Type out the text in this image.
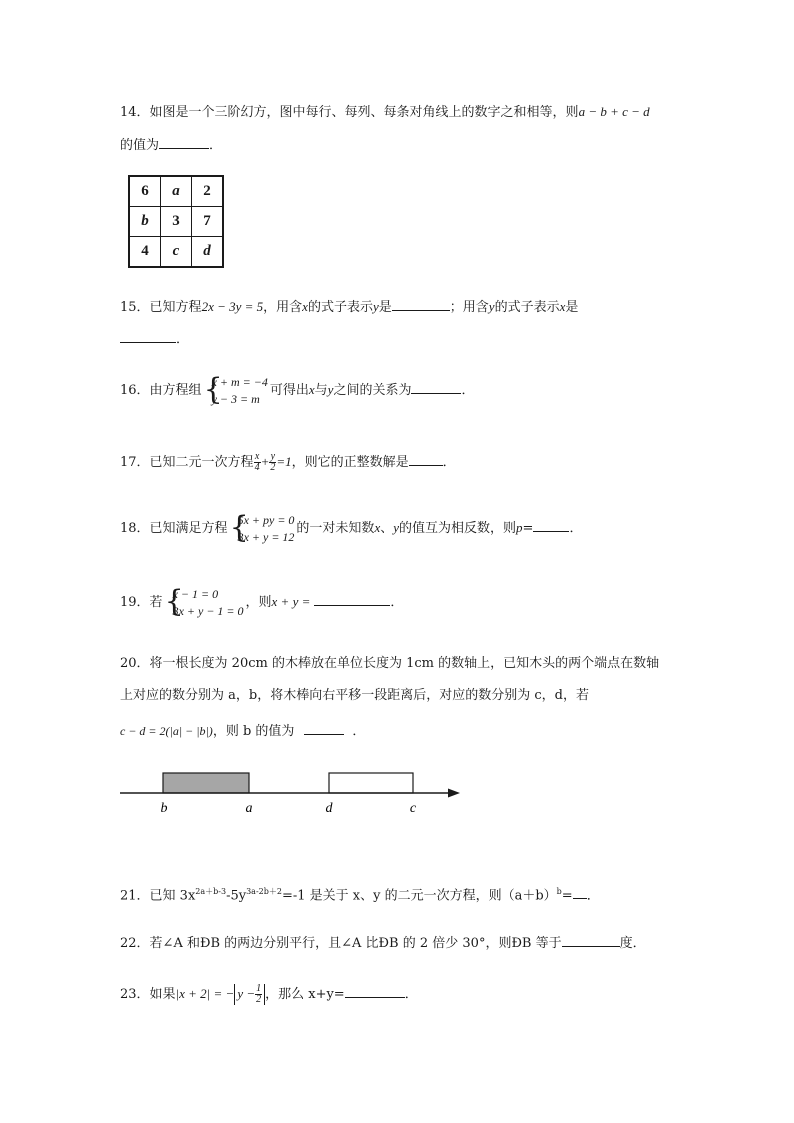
14．如图是一个三阶幻方，图中每行、每列、每条对角线上的数字之和相等，则a − b + c − d
的值为	．
6	a	2
b	3	7
4	c	d
15．已知方程2x − 3y = 5，用含x的式子表示y是	；用含y的式子表示x是
．
16．由方程组 {
x + m = −4
y − 3 = m
可得出x与y之间的关系为	．
17．已知二元一次方程 $\frac{x}{4} + \frac{y}{2} =1$，则它的正整数解是	．
18．已知满足方程 {
5x + py = 0
3x + y = 12
的一对未知数x、y的值互为相反数，则p=	．
19．若 {
x − 1 = 0
3x + y − 1 = 0
，则x + y =	．
20．将一根长度为 20cm 的木棒放在单位长度为 1cm 的数轴上，已知木头的两个端点在数轴
上对应的数分别为 a，b，将木棒向右平移一段距离后，对应的数分别为 c，d，若
c − d = 2(|a| − |b|)，则 b 的值为	．
b	a	d	c
21．已知 $3x^{2a+b-3}-5y^{3a-2b+2}=-1$ 是关于 x、y 的二元一次方程，则$(a+b)^b=$ ．
22．若∠A 和ÐB 的两边分别平行，且∠A 比ÐB 的 2 倍少 30°，则ÐB 等于	度．
23．如果|x + 2| = − $y - \frac{1}{2}$ ，那么 x+y=	．
